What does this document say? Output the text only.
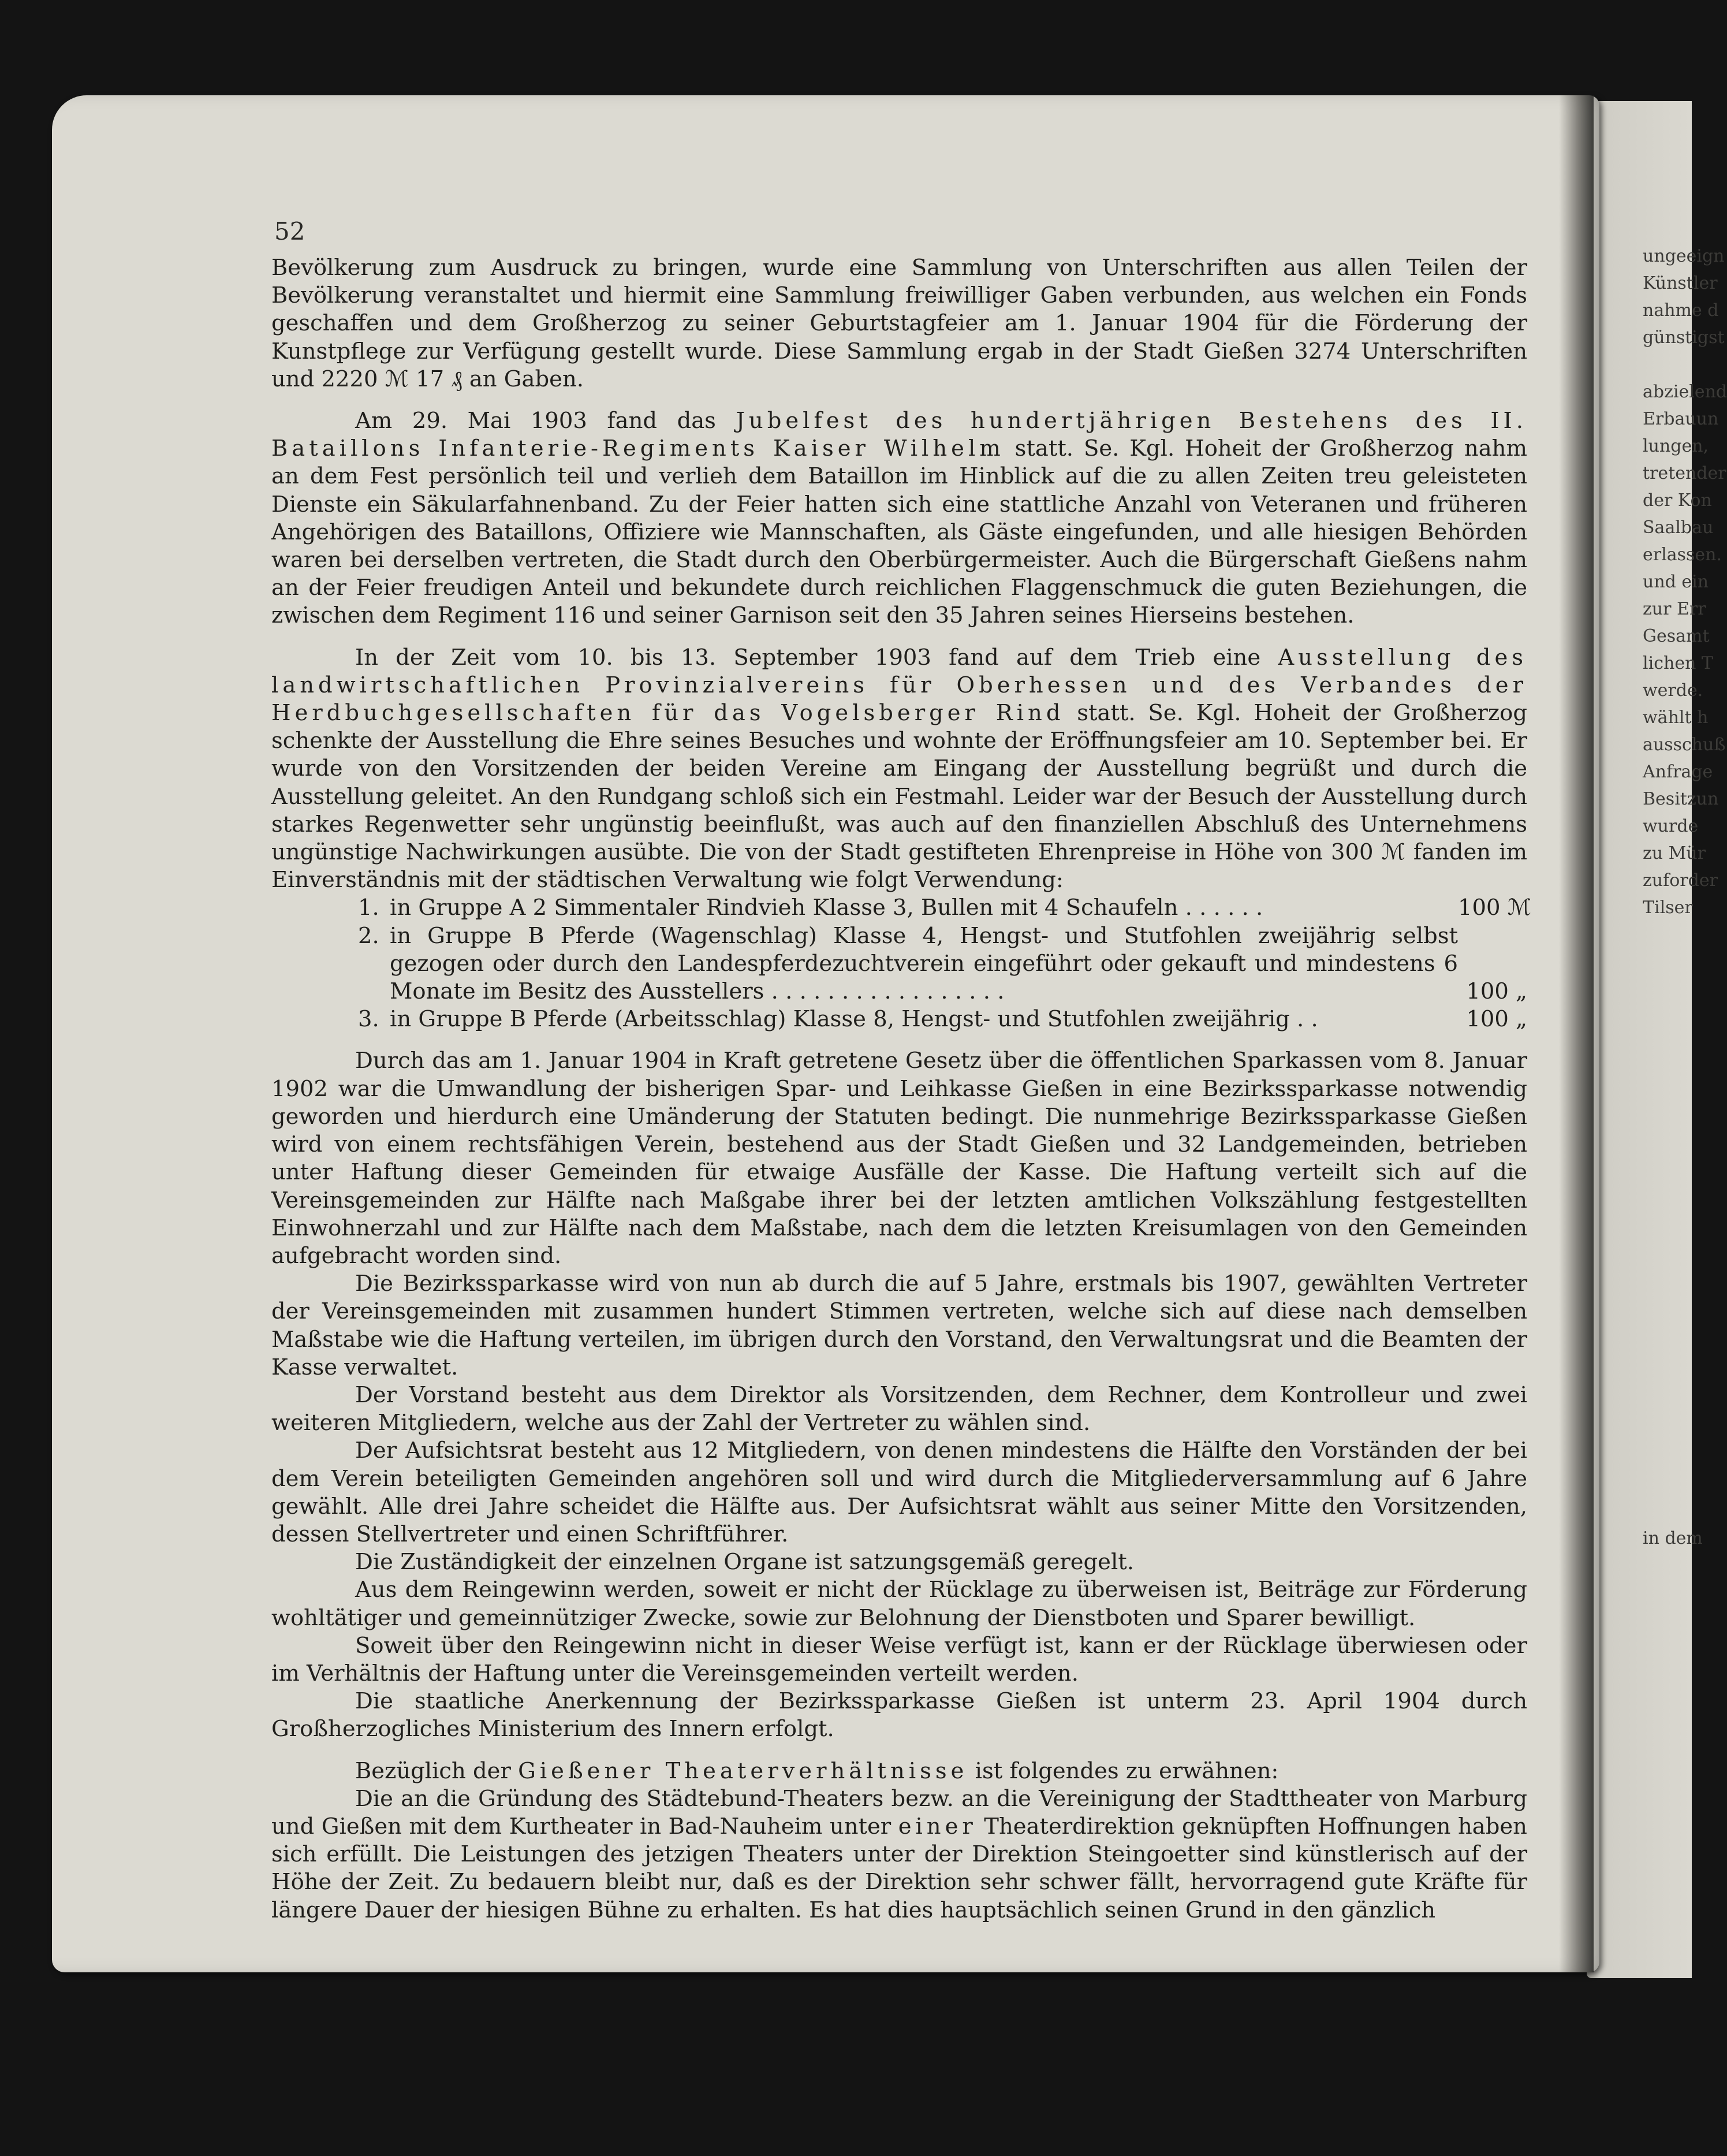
ungeeign
Künstler
nahme d
günstigst
abzielend
Erbauun
lungen,
tretender
der Kon
Saalbau
erlassen.
und ein
zur Err
Gesamt
lichen T
werde.
wählt h
ausschuß
Anfrage
Besitzun
wurde
zu Mür
zuforder
Tilser
in dem
52

Bevölkerung zum Ausdruck zu bringen, wurde eine Sammlung von Unterschriften aus allen Teilen der Bevölkerung veranstaltet und hiermit eine Sammlung freiwilliger Gaben verbunden, aus welchen ein Fonds geschaffen und dem Großherzog zu seiner Geburtstagfeier am 1. Januar 1904 für die Förderung der Kunstpflege zur Verfügung gestellt wurde. Diese Sammlung ergab in der Stadt Gießen 3274 Unterschriften und 2220 ℳ 17 ₰ an Gaben.

Am 29. Mai 1903 fand das Jubelfest des hundertjährigen Bestehens des II. Bataillons Infanterie-Regiments Kaiser Wilhelm statt. Se. Kgl. Hoheit der Großherzog nahm an dem Fest persönlich teil und verlieh dem Bataillon im Hinblick auf die zu allen Zeiten treu geleisteten Dienste ein Säkularfahnenband. Zu der Feier hatten sich eine stattliche Anzahl von Veteranen und früheren Angehörigen des Bataillons, Offiziere wie Mannschaften, als Gäste eingefunden, und alle hiesigen Behörden waren bei derselben vertreten, die Stadt durch den Oberbürgermeister. Auch die Bürgerschaft Gießens nahm an der Feier freudigen Anteil und bekundete durch reichlichen Flaggenschmuck die guten Beziehungen, die zwischen dem Regiment 116 und seiner Garnison seit den 35 Jahren seines Hierseins bestehen.

In der Zeit vom 10. bis 13. September 1903 fand auf dem Trieb eine Ausstellung des landwirtschaftlichen Provinzialvereins für Oberhessen und des Verbandes der Herdbuchgesellschaften für das Vogelsberger Rind statt. Se. Kgl. Hoheit der Großherzog schenkte der Ausstellung die Ehre seines Besuches und wohnte der Eröffnungsfeier am 10. September bei. Er wurde von den Vorsitzenden der beiden Vereine am Eingang der Ausstellung begrüßt und durch die Ausstellung geleitet. An den Rundgang schloß sich ein Festmahl. Leider war der Besuch der Ausstellung durch starkes Regenwetter sehr ungünstig beeinflußt, was auch auf den finanziellen Abschluß des Unternehmens ungünstige Nachwirkungen ausübte. Die von der Stadt gestifteten Ehrenpreise in Höhe von 300 ℳ fanden im Einverständnis mit der städtischen Verwaltung wie folgt Verwendung:

1. in Gruppe A 2 Simmentaler Rindvieh Klasse 3, Bullen mit 4 Schaufeln . . . . . .	100 ℳ
2. in Gruppe B Pferde (Wagenschlag) Klasse 4, Hengst- und Stutfohlen zweijährig selbst gezogen oder durch den Landespferdezuchtverein eingeführt oder gekauft und mindestens 6 Monate im Besitz des Ausstellers . . . . . . . . . . . . . . . . .	100 „
3. in Gruppe B Pferde (Arbeitsschlag) Klasse 8, Hengst- und Stutfohlen zweijährig . .	100 „

Durch das am 1. Januar 1904 in Kraft getretene Gesetz über die öffentlichen Sparkassen vom 8. Januar 1902 war die Umwandlung der bisherigen Spar- und Leihkasse Gießen in eine Bezirkssparkasse notwendig geworden und hierdurch eine Umänderung der Statuten bedingt. Die nunmehrige Bezirkssparkasse Gießen wird von einem rechtsfähigen Verein, bestehend aus der Stadt Gießen und 32 Landgemeinden, betrieben unter Haftung dieser Gemeinden für etwaige Ausfälle der Kasse. Die Haftung verteilt sich auf die Vereinsgemeinden zur Hälfte nach Maßgabe ihrer bei der letzten amtlichen Volkszählung festgestellten Einwohnerzahl und zur Hälfte nach dem Maßstabe, nach dem die letzten Kreisumlagen von den Gemeinden aufgebracht worden sind.

Die Bezirkssparkasse wird von nun ab durch die auf 5 Jahre, erstmals bis 1907, gewählten Vertreter der Vereinsgemeinden mit zusammen hundert Stimmen vertreten, welche sich auf diese nach demselben Maßstabe wie die Haftung verteilen, im übrigen durch den Vorstand, den Verwaltungsrat und die Beamten der Kasse verwaltet.

Der Vorstand besteht aus dem Direktor als Vorsitzenden, dem Rechner, dem Kontrolleur und zwei weiteren Mitgliedern, welche aus der Zahl der Vertreter zu wählen sind.

Der Aufsichtsrat besteht aus 12 Mitgliedern, von denen mindestens die Hälfte den Vorständen der bei dem Verein beteiligten Gemeinden angehören soll und wird durch die Mitgliederversammlung auf 6 Jahre gewählt. Alle drei Jahre scheidet die Hälfte aus. Der Aufsichtsrat wählt aus seiner Mitte den Vorsitzenden, dessen Stellvertreter und einen Schriftführer.

Die Zuständigkeit der einzelnen Organe ist satzungsgemäß geregelt.

Aus dem Reingewinn werden, soweit er nicht der Rücklage zu überweisen ist, Beiträge zur Förderung wohltätiger und gemeinnütziger Zwecke, sowie zur Belohnung der Dienstboten und Sparer bewilligt.

Soweit über den Reingewinn nicht in dieser Weise verfügt ist, kann er der Rücklage überwiesen oder im Verhältnis der Haftung unter die Vereinsgemeinden verteilt werden.

Die staatliche Anerkennung der Bezirkssparkasse Gießen ist unterm 23. April 1904 durch Großherzogliches Ministerium des Innern erfolgt.

Bezüglich der Gießener Theaterverhältnisse ist folgendes zu erwähnen:

Die an die Gründung des Städtebund-Theaters bezw. an die Vereinigung der Stadttheater von Marburg und Gießen mit dem Kurtheater in Bad-Nauheim unter einer Theaterdirektion geknüpften Hoffnungen haben sich erfüllt. Die Leistungen des jetzigen Theaters unter der Direktion Steingoetter sind künstlerisch auf der Höhe der Zeit. Zu bedauern bleibt nur, daß es der Direktion sehr schwer fällt, hervorragend gute Kräfte für längere Dauer der hiesigen Bühne zu erhalten. Es hat dies hauptsächlich seinen Grund in den gänzlich
